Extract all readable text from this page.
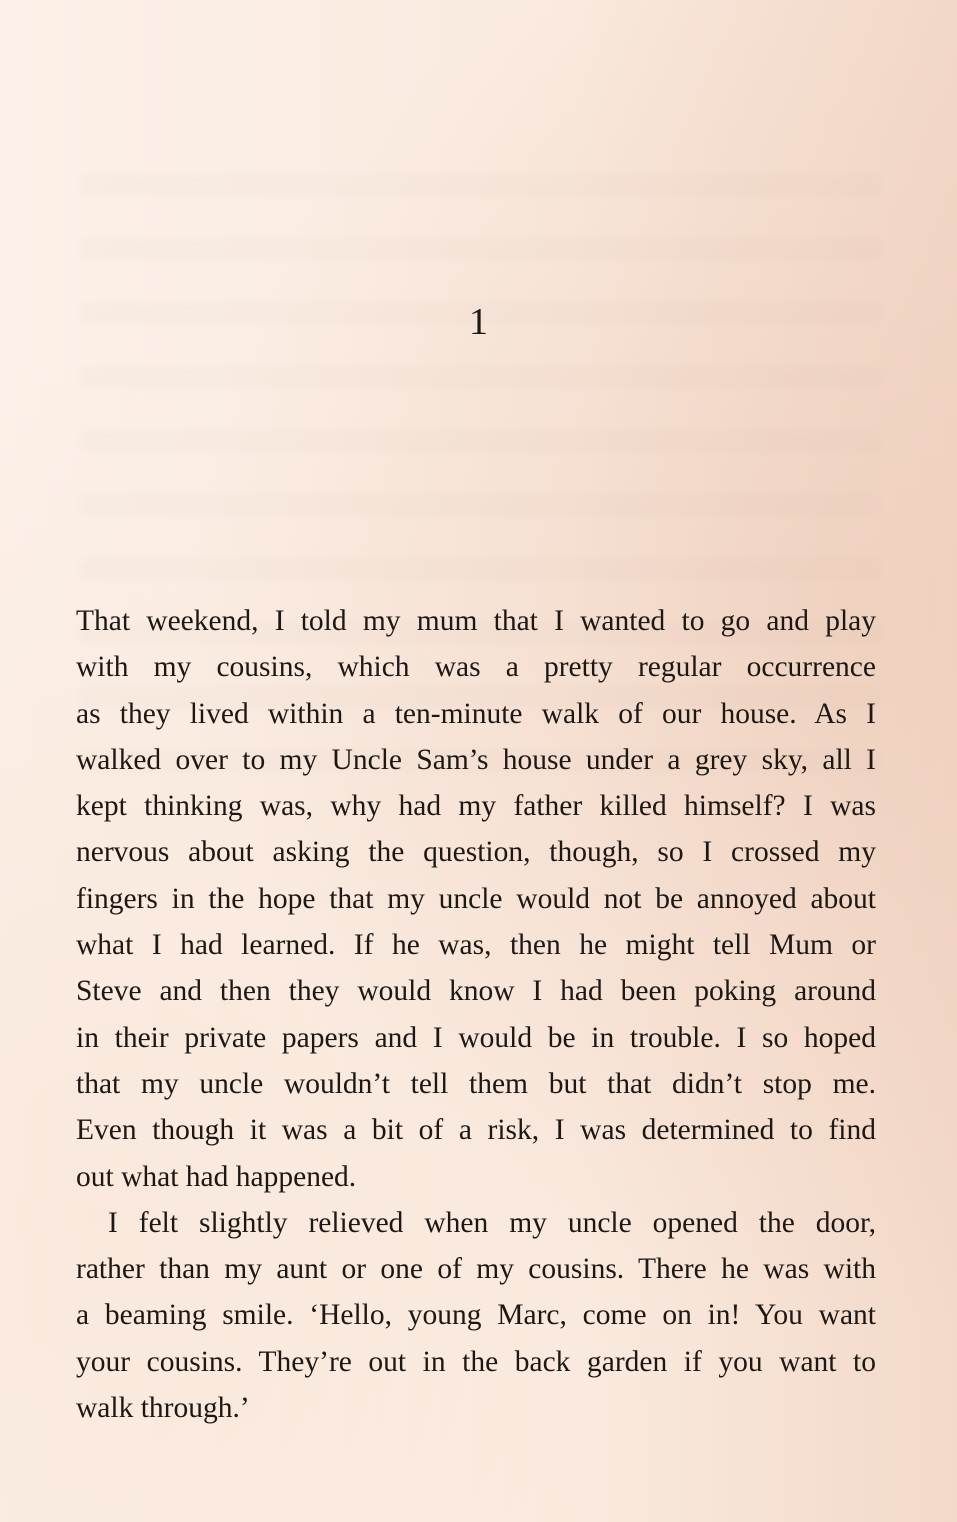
1
That weekend, I told my mum that I wanted to go and play
with my cousins, which was a pretty regular occurrence
as they lived within a ten-minute walk of our house. As I
walked over to my Uncle Sam’s house under a grey sky, all I
kept thinking was, why had my father killed himself? I was
nervous about asking the question, though, so I crossed my
fingers in the hope that my uncle would not be annoyed about
what I had learned. If he was, then he might tell Mum or
Steve and then they would know I had been poking around
in their private papers and I would be in trouble. I so hoped
that my uncle wouldn’t tell them but that didn’t stop me.
Even though it was a bit of a risk, I was determined to find
out what had happened.
I felt slightly relieved when my uncle opened the door,
rather than my aunt or one of my cousins. There he was with
a beaming smile. ‘Hello, young Marc, come on in! You want
your cousins. They’re out in the back garden if you want to
walk through.’
